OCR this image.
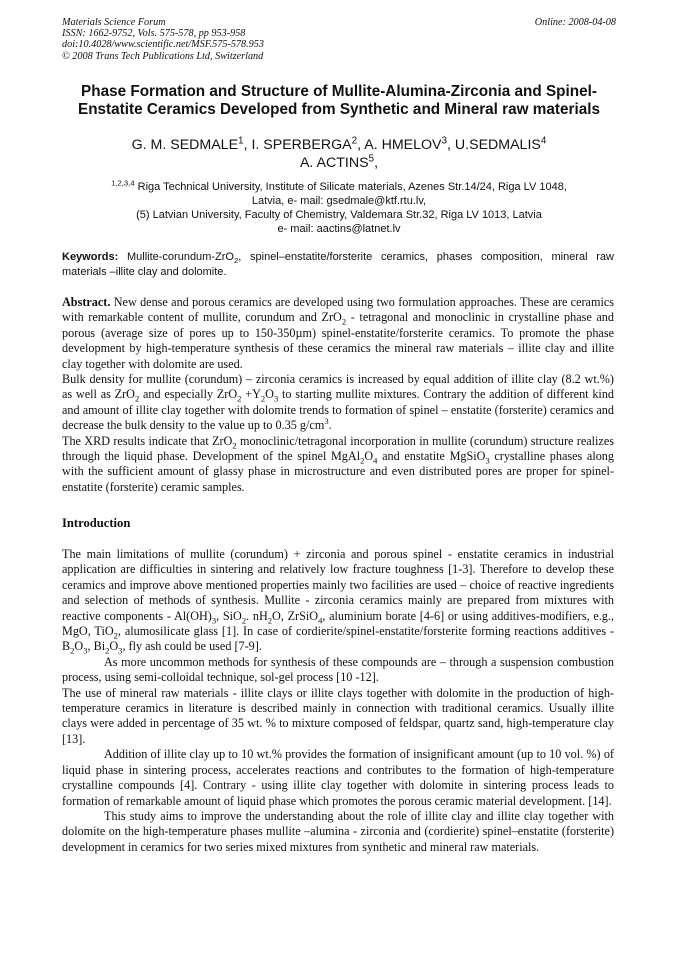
Materials Science Forum
ISSN: 1662-9752, Vols. 575-578, pp 953-958
doi:10.4028/www.scientific.net/MSF.575-578.953
© 2008 Trans Tech Publications Ltd, Switzerland
Online: 2008-04-08
Phase Formation and Structure of Mullite-Alumina-Zirconia and Spinel-
Enstatite Ceramics Developed from Synthetic and Mineral raw materials
G. M. SEDMALE$^1$, I. SPERBERGA$^2$, A. HMELOV$^3$, U.SEDMALIS$^4$
A. ACTINS$^5$,
$^{1,2,3,4}$ Riga Technical University, Institute of Silicate materials, Azenes Str.14/24, Riga LV 1048,
Latvia, e- mail: gsedmale@ktf.rtu.lv,
(5) Latvian University, Faculty of Chemistry, Valdemara Str.32, Riga LV 1013, Latvia
e- mail: aactins@latnet.lv
Keywords: Mullite-corundum-ZrO$_2$, spinel–enstatite/forsterite ceramics, phases composition, mineral raw materials –illite clay and dolomite.

Abstract. New dense and porous ceramics are developed using two formulation approaches. These are ceramics with remarkable content of mullite, corundum and ZrO$_2$ - tetragonal and monoclinic in crystalline phase and porous (average size of pores up to 150-350µm) spinel-enstatite/forsterite ceramics. To promote the phase development by high-temperature synthesis of these ceramics the mineral raw materials – illite clay and illite clay together with dolomite are used.

Bulk density for mullite (corundum) – zirconia ceramics is increased by equal addition of illite clay (8.2 wt.%) as well as ZrO$_2$ and especially $ZrO_2 +Y_2O_3$ to starting mullite mixtures. Contrary the addition of different kind and amount of illite clay together with dolomite trends to formation of spinel – enstatite (forsterite) ceramics and decrease the bulk density to the value up to 0.35 $g/cm^3$.

The XRD results indicate that ZrO$_2$ monoclinic/tetragonal incorporation in mullite (corundum) structure realizes through the liquid phase. Development of the spinel $MgAl_2O_4$ and enstatite MgSiO$_3$ crystalline phases along with the sufficient amount of glassy phase in microstructure and even distributed pores are proper for spinel-enstatite (forsterite) ceramic samples.

Introduction

The main limitations of mullite (corundum) + zirconia and porous spinel - enstatite ceramics in industrial application are difficulties in sintering and relatively low fracture toughness [1-3]. Therefore to develop these ceramics and improve above mentioned properties mainly two facilities are used – choice of reactive ingredients and selection of methods of synthesis. Mullite - zirconia ceramics mainly are prepared from mixtures with reactive components - $Al(OH)_3$, SiO$_2$. $nH_2O$, ZrSiO$_4$, aluminium borate [4-6] or using additives-modifiers, e.g., MgO, TiO$_2$, alumosilicate glass [1]. In case of cordierite/spinel-enstatite/forsterite forming reactions additives - $B_2O_3$, $Bi_2O_3$, fly ash could be used [7-9].

As more uncommon methods for synthesis of these compounds are – through a suspension combustion process, using semi-colloidal technique, sol-gel process [10 -12].

The use of mineral raw materials - illite clays or illite clays together with dolomite in the production of high-temperature ceramics in literature is described mainly in connection with traditional ceramics. Usually illite clays were added in percentage of 35 wt. % to mixture composed of feldspar, quartz sand, high-temperature clay [13].

Addition of illite clay up to 10 wt.% provides the formation of insignificant amount (up to 10 vol. %) of liquid phase in sintering process, accelerates reactions and contributes to the formation of high-temperature crystalline compounds [4]. Contrary - using illite clay together with dolomite in sintering process leads to formation of remarkable amount of liquid phase which promotes the porous ceramic material development. [14].

This study aims to improve the understanding about the role of illite clay and illite clay together with dolomite on the high-temperature phases mullite –alumina - zirconia and (cordierite) spinel–enstatite (forsterite) development in ceramics for two series mixed mixtures from synthetic and mineral raw materials.
